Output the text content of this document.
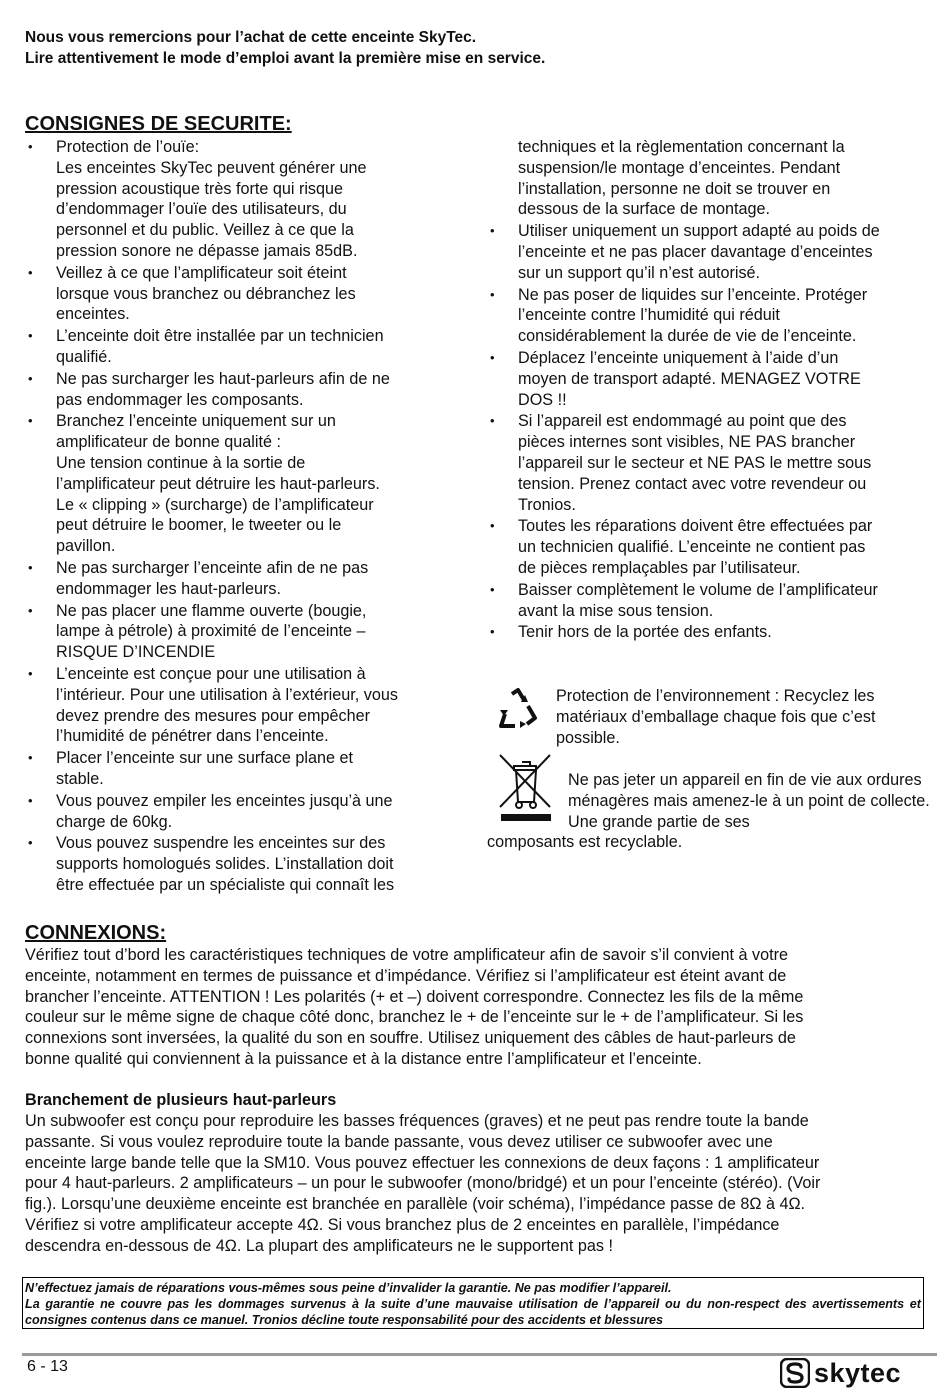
Nous vous remercions pour l’achat de cette enceinte SkyTec.
Lire attentivement le mode d’emploi avant la première mise en service.
CONSIGNES DE SECURITE:
• Protection de l’ouïe:
Les enceintes SkyTec peuvent générer une
pression acoustique très forte qui risque
d’endommager l’ouïe des utilisateurs, du
personnel et du public. Veillez à ce que la
pression sonore ne dépasse jamais 85dB.
• Veillez à ce que l’amplificateur soit éteint
lorsque vous branchez ou débranchez les
enceintes.
• L’enceinte doit être installée par un technicien
qualifié.
• Ne pas surcharger les haut-parleurs afin de ne
pas endommager les composants.
• Branchez l’enceinte uniquement sur un
amplificateur de bonne qualité :
Une tension continue à la sortie de
l’amplificateur peut détruire les haut-parleurs.
Le « clipping » (surcharge) de l’amplificateur
peut détruire le boomer, le tweeter ou le
pavillon.
• Ne pas surcharger l’enceinte afin de ne pas
endommager les haut-parleurs.
• Ne pas placer une flamme ouverte (bougie,
lampe à pétrole) à proximité de l’enceinte –
RISQUE D’INCENDIE
• L’enceinte est conçue pour une utilisation à
l’intérieur. Pour une utilisation à l’extérieur, vous
devez prendre des mesures pour empêcher
l’humidité de pénétrer dans l’enceinte.
• Placer l’enceinte sur une surface plane et
stable.
• Vous pouvez empiler les enceintes jusqu’à une
charge de 60kg.
• Vous pouvez suspendre les enceintes sur des
supports homologués solides. L’installation doit
être effectuée par un spécialiste qui connaît les
techniques et la règlementation concernant la
suspension/le montage d’enceintes. Pendant
l’installation, personne ne doit se trouver en
dessous de la surface de montage.
• Utiliser uniquement un support adapté au poids de
l’enceinte et ne pas placer davantage d’enceintes
sur un support qu’il n’est autorisé.
• Ne pas poser de liquides sur l’enceinte. Protéger
l’enceinte contre l’humidité qui réduit
considérablement la durée de vie de l’enceinte.
• Déplacez l’enceinte uniquement à l’aide d’un
moyen de transport adapté. MENAGEZ VOTRE
DOS !!
• Si l’appareil est endommagé au point que des
pièces internes sont visibles, NE PAS brancher
l’appareil sur le secteur et NE PAS le mettre sous
tension. Prenez contact avec votre revendeur ou
Tronios.
• Toutes les réparations doivent être effectuées par
un technicien qualifié. L’enceinte ne contient pas
de pièces remplaçables par l’utilisateur.
• Baisser complètement le volume de l’amplificateur
avant la mise sous tension.
• Tenir hors de la portée des enfants.
Protection de l’environnement : Recyclez les matériaux d’emballage chaque fois que c’est possible.
Ne pas jeter un appareil en fin de vie aux ordures ménagères mais amenez-le à un point de collecte. Une grande partie de ses
composants est recyclable.
CONNEXIONS:
Vérifiez tout d’bord les caractéristiques techniques de votre amplificateur afin de savoir s’il convient à votre
enceinte, notamment en termes de puissance et d’impédance. Vérifiez si l’amplificateur est éteint avant de
brancher l’enceinte. ATTENTION ! Les polarités (+ et –) doivent correspondre. Connectez les fils de la même
couleur sur le même signe de chaque côté donc, branchez le + de l’enceinte sur le + de l’amplificateur. Si les
connexions sont inversées, la qualité du son en souffre. Utilisez uniquement des câbles de haut-parleurs de
bonne qualité qui conviennent à la puissance et à la distance entre l’amplificateur et l’enceinte.
Branchement de plusieurs haut-parleurs
Un subwoofer est conçu pour reproduire les basses fréquences (graves) et ne peut pas rendre toute la bande
passante. Si vous voulez reproduire toute la bande passante, vous devez utiliser ce subwoofer avec une
enceinte large bande telle que la SM10. Vous pouvez effectuer les connexions de deux façons : 1 amplificateur
pour 4 haut-parleurs. 2 amplificateurs – un pour le subwoofer (mono/bridgé) et un pour l’enceinte (stéréo). (Voir
fig.). Lorsqu’une deuxième enceinte est branchée en parallèle (voir schéma), l’impédance passe de 8Ω à 4Ω.
Vérifiez si votre amplificateur accepte 4Ω. Si vous branchez plus de 2 enceintes en parallèle, l’impédance
descendra en-dessous de 4Ω. La plupart des amplificateurs ne le supportent pas !

N’effectuez jamais de réparations vous-mêmes sous peine d’invalider la garantie. Ne pas modifier l’appareil.

La garantie ne couvre pas les dommages survenus à la suite d’une mauvaise utilisation de l’appareil ou du non-respect des avertissements et consignes contenus dans ce manuel. Tronios décline toute responsabilité pour des accidents et blessures

6 - 13	skytec
